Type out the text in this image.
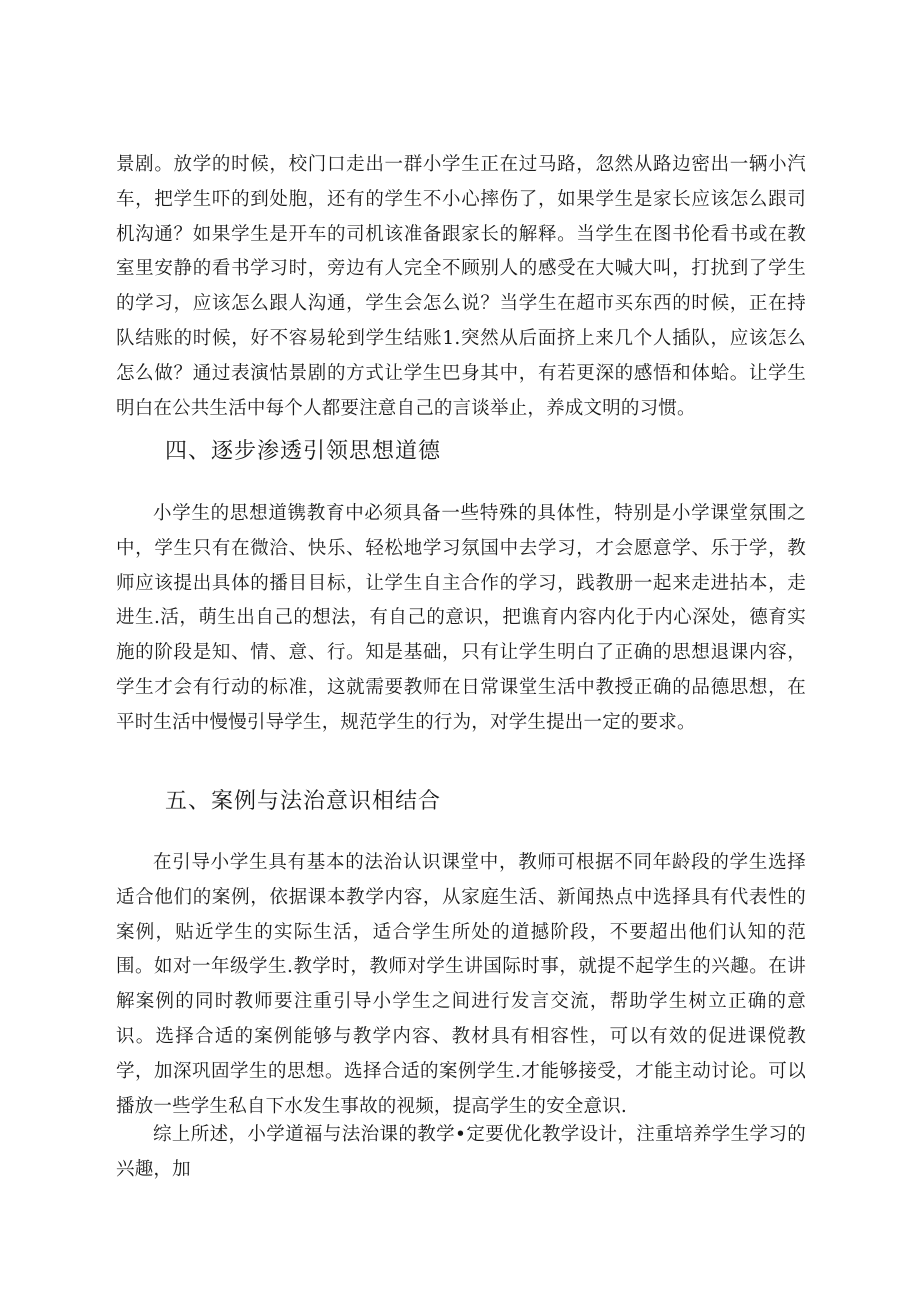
景剧。放学的时候，校门口走出一群小学生正在过马路，忽然从路边密出一辆小汽车，把学生吓的到处胞，还有的学生不小心摔伤了，如果学生是家长应该怎么跟司机沟通？如果学生是开车的司机该准备跟家长的解释。当学生在图书伦看书或在教室里安静的看书学习时，旁边有人完全不顾别人的感受在大喊大叫，打扰到了学生的学习，应该怎么跟人沟通，学生会怎么说？当学生在超市买东西的时候，正在持队结账的时候，好不容易轮到学生结账1.突然从后面挤上来几个人插队，应该怎么怎么做？通过表演怙景剧的方式让学生巴身其中，有若更深的感悟和体蛤。让学生明白在公共生活中每个人都要注意自己的言谈举止，养成文明的习惯。

四、逐步渗透引领思想道德

小学生的思想道镌教育中必须具备一些特殊的具体性，特别是小学课堂氛围之中，学生只有在微洽、快乐、轻松地学习氛国中去学习，才会愿意学、乐于学，教师应该提出具体的播目目标，让学生自主合作的学习，践教册一起来走进拈本，走进生.活，萌生出自己的想法，有自己的意识，把谯育内容内化于内心深处，德育实施的阶段是知、情、意、行。知是基础，只有让学生明白了正确的思想退课内容，学生才会有行动的标准，这就需要教师在日常课堂生活中教授正确的品德思想，在平时生活中慢慢引导学生，规范学生的行为，对学生提出一定的要求。

五、案例与法治意识相结合

在引导小学生具有基本的法治认识课堂中，教师可根据不同年龄段的学生选择适合他们的案例，依据课本教学内容，从家庭生活、新闻热点中选择具有代表性的案例，贴近学生的实际生活，适合学生所处的道撼阶段，不要超出他们认知的范围。如对一年级学生.教学时，教师对学生讲国际时事，就提不起学生的兴趣。在讲解案例的同时教师要注重引导小学生之间进行发言交流，帮助学生树立正确的意识。选择合适的案例能够与教学内容、教材具有相容性，可以有效的促进课傥教学，加深巩固学生的思想。选择合适的案例学生.才能够接受，才能主动讨论。可以播放一些学生私自下水发生事故的视频，提高学生的安全意识.

综上所述，小学道福与法治课的教学•定要优化教学设计，注重培养学生学习的兴趣，加
